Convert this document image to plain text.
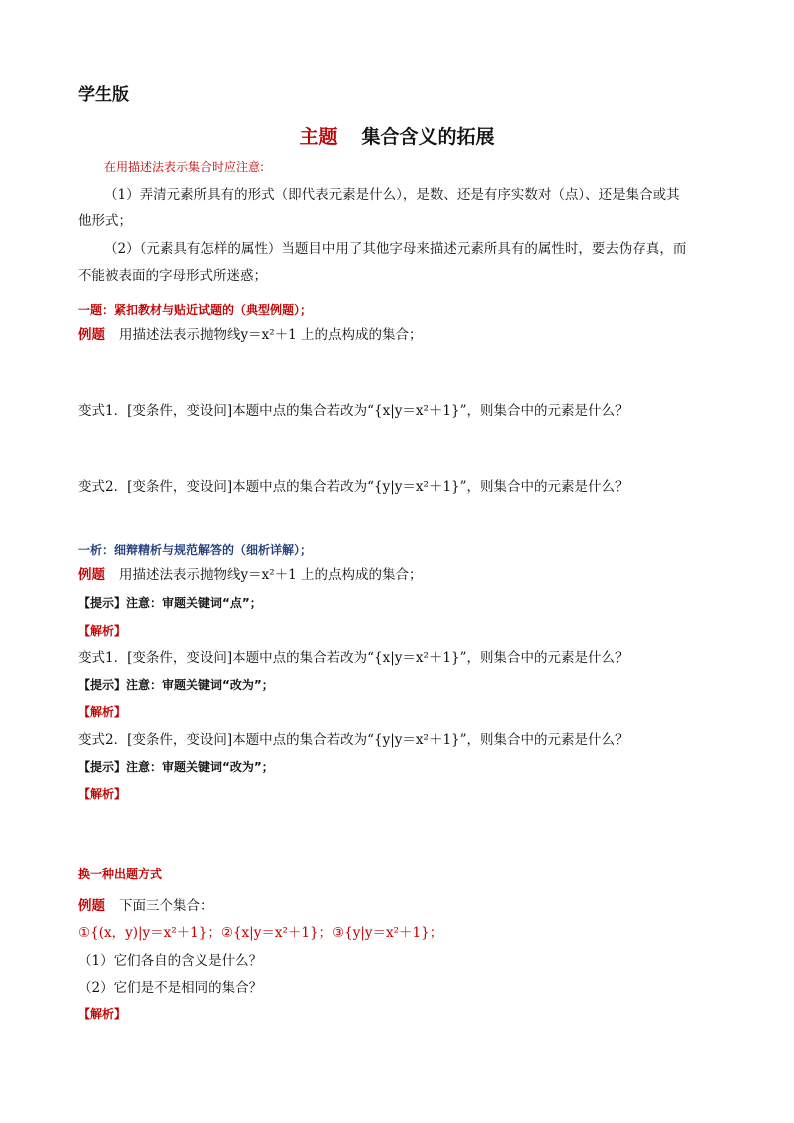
学生版
主题 集合含义的拓展
在用描述法表示集合时应注意:
（1）弄清元素所具有的形式（即代表元素是什么），是数、还是有序实数对（点）、还是集合或其
他形式；
（2）（元素具有怎样的属性）当题目中用了其他字母来描述元素所具有的属性时，要去伪存真，而
不能被表面的字母形式所迷惑；
一题：紧扣教材与贴近试题的（典型例题）；
例题 用描述法表示抛物线y＝x²＋1 上的点构成的集合；
变式1．[变条件，变设问]本题中点的集合若改为“{x|y＝x²＋1}”，则集合中的元素是什么？
变式2．[变条件，变设问]本题中点的集合若改为“{y|y＝x²＋1}”，则集合中的元素是什么？
一析：细辩精析与规范解答的（细析详解）；
例题 用描述法表示抛物线y＝x²＋1 上的点构成的集合；
【提示】注意：审题关键词“点”；
【解析】
变式1．[变条件，变设问]本题中点的集合若改为“{x|y＝x²＋1}”，则集合中的元素是什么？
【提示】注意：审题关键词“改为”；
【解析】
变式2．[变条件，变设问]本题中点的集合若改为“{y|y＝x²＋1}”，则集合中的元素是什么？
【提示】注意：审题关键词“改为”；
【解析】
换一种出题方式
例题 下面三个集合：
①{(x，y)|y＝x²＋1}；②{x|y＝x²＋1}；③{y|y＝x²＋1}；
（1）它们各自的含义是什么？
（2）它们是不是相同的集合？
【解析】
